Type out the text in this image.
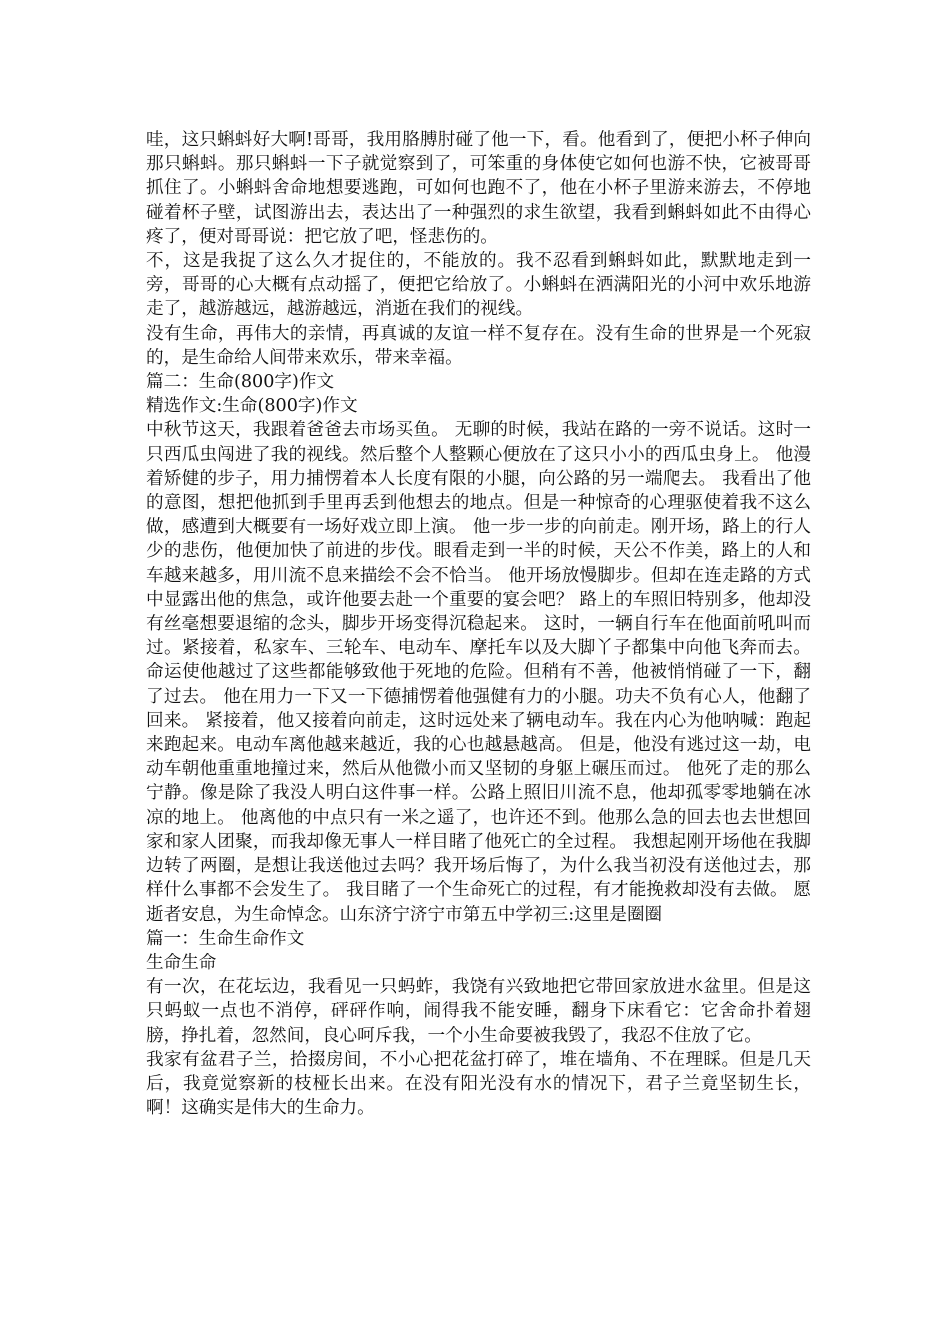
哇，这只蝌蚪好大啊!哥哥，我用胳膊肘碰了他一下，看。他看到了，便把小杯子伸向那只蝌蚪。那只蝌蚪一下子就觉察到了，可笨重的身体使它如何也游不快，它被哥哥抓住了。小蝌蚪舍命地想要逃跑，可如何也跑不了，他在小杯子里游来游去，不停地碰着杯子壁，试图游出去，表达出了一种强烈的求生欲望，我看到蝌蚪如此不由得心疼了，便对哥哥说：把它放了吧，怪悲伤的。

不，这是我捉了这么久才捉住的，不能放的。我不忍看到蝌蚪如此，默默地走到一旁，哥哥的心大概有点动摇了，便把它给放了。小蝌蚪在洒满阳光的小河中欢乐地游走了，越游越远，越游越远，消逝在我们的视线。

没有生命，再伟大的亲情，再真诚的友谊一样不复存在。没有生命的世界是一个死寂的，是生命给人间带来欢乐，带来幸福。

篇二：生命(800字)作文

精选作文:生命(800字)作文

中秋节这天，我跟着爸爸去市场买鱼。 无聊的时候，我站在路的一旁不说话。这时一只西瓜虫闯进了我的视线。然后整个人整颗心便放在了这只小小的西瓜虫身上。 他漫着矫健的步子，用力捕愣着本人长度有限的小腿，向公路的另一端爬去。 我看出了他的意图，想把他抓到手里再丢到他想去的地点。但是一种惊奇的心理驱使着我不这么做，感遭到大概要有一场好戏立即上演。 他一步一步的向前走。刚开场，路上的行人少的悲伤，他便加快了前进的步伐。眼看走到一半的时候，天公不作美，路上的人和车越来越多，用川流不息来描绘不会不恰当。 他开场放慢脚步。但却在连走路的方式中显露出他的焦急，或许他要去赴一个重要的宴会吧？ 路上的车照旧特别多，他却没有丝毫想要退缩的念头，脚步开场变得沉稳起来。 这时，一辆自行车在他面前吼叫而过。紧接着，私家车、三轮车、电动车、摩托车以及大脚丫子都集中向他飞奔而去。 命运使他越过了这些都能够致他于死地的危险。但稍有不善，他被悄悄碰了一下，翻了过去。 他在用力一下又一下德捕愣着他强健有力的小腿。功夫不负有心人，他翻了回来。 紧接着，他又接着向前走，这时远处来了辆电动车。我在内心为他呐喊：跑起来跑起来。电动车离他越来越近，我的心也越悬越高。 但是，他没有逃过这一劫，电动车朝他重重地撞过来，然后从他微小而又坚韧的身躯上碾压而过。 他死了走的那么宁静。像是除了我没人明白这件事一样。公路上照旧川流不息，他却孤零零地躺在冰凉的地上。 他离他的中点只有一米之遥了，也许还不到。他那么急的回去也去世想回家和家人团聚，而我却像无事人一样目睹了他死亡的全过程。 我想起刚开场他在我脚边转了两圈，是想让我送他过去吗？我开场后悔了，为什么我当初没有送他过去，那样什么事都不会发生了。 我目睹了一个生命死亡的过程，有才能挽救却没有去做。 愿逝者安息，为生命悼念。山东济宁济宁市第五中学初三:这里是圈圈

篇一：生命生命作文

生命生命

有一次，在花坛边，我看见一只蚂蚱，我饶有兴致地把它带回家放进水盆里。但是这只蚂蚁一点也不消停，砰砰作响，闹得我不能安睡，翻身下床看它：它舍命扑着翅膀，挣扎着，忽然间，良心呵斥我，一个小生命要被我毁了，我忍不住放了它。

我家有盆君子兰，拾掇房间，不小心把花盆打碎了，堆在墙角、不在理睬。但是几天后，我竟觉察新的枝桠长出来。在没有阳光没有水的情况下，君子兰竟坚韧生长，啊！这确实是伟大的生命力。
